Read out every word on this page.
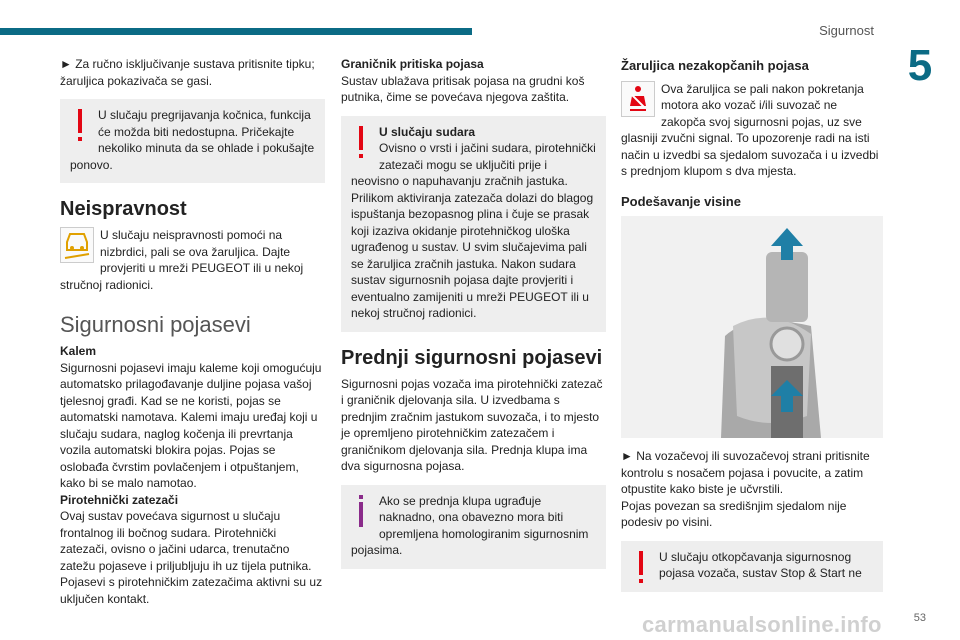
Sigurnost
5

► Za ručno isključivanje sustava pritisnite tipku; žaruljica pokazivača se gasi.

U slučaju pregrijavanja kočnica, funkcija će možda biti nedostupna. Pričekajte nekoliko minuta da se ohlade i pokušajte ponovo.

Neispravnost

U slučaju neispravnosti pomoći na nizbrdici, pali se ova žaruljica. Dajte provjeriti u mreži PEUGEOT ili u nekoj stručnoj radionici.

Sigurnosni pojasevi

Kalem

Sigurnosni pojasevi imaju kaleme koji omogućuju automatsko prilagođavanje duljine pojasa vašoj tjelesnoj građi. Kad se ne koristi, pojas se automatski namotava. Kalemi imaju uređaj koji u slučaju sudara, naglog kočenja ili prevrtanja vozila automatski blokira pojas. Pojas se oslobađa čvrstim povlačenjem i otpuštanjem, kako bi se malo namotao.

Pirotehnički zatezači

Ovaj sustav povećava sigurnost u slučaju frontalnog ili bočnog sudara. Pirotehnički zatezači, ovisno o jačini udarca, trenutačno zatežu pojaseve i priljubljuju ih uz tijela putnika. Pojasevi s pirotehničkim zatezačima aktivni su uz uključen kontakt.

Graničnik pritiska pojasa

Sustav ublažava pritisak pojasa na grudni koš putnika, čime se povećava njegova zaštita.

U slučaju sudara

Ovisno o vrsti i jačini sudara, pirotehnički zatezači mogu se uključiti prije i neovisno o napuhavanju zračnih jastuka. Prilikom aktiviranja zatezača dolazi do blagog ispuštanja bezopasnog plina i čuje se prasak koji izaziva okidanje pirotehničkog uloška ugrađenog u sustav. U svim slučajevima pali se žaruljica zračnih jastuka. Nakon sudara sustav sigurnosnih pojasa dajte provjeriti i eventualno zamijeniti u mreži PEUGEOT ili u nekoj stručnoj radionici.

Prednji sigurnosni pojasevi

Sigurnosni pojas vozača ima pirotehnički zatezač i graničnik djelovanja sila. U izvedbama s prednjim zračnim jastukom suvozača, i to mjesto je opremljeno pirotehničkim zatezačem i graničnikom djelovanja sila. Prednja klupa ima dva sigurnosna pojasa.

Ako se prednja klupa ugrađuje naknadno, ona obavezno mora biti opremljena homologiranim sigurnosnim pojasima.

Žaruljica nezakopčanih pojasa

Ova žaruljica se pali nakon pokretanja motora ako vozač i/ili suvozač ne zakopča svoj sigurnosni pojas, uz sve glasniji zvučni signal. To upozorenje radi na isti način u izvedbi sa sjedalom suvozača i u izvedbi s prednjom klupom s dva mjesta.

Podešavanje visine

► Na vozačevoj ili suvozačevoj strani pritisnite kontrolu s nosačem pojasa i povucite, a zatim otpustite kako biste je učvrstili.

Pojas povezan sa središnjim sjedalom nije podesiv po visini.

U slučaju otkopčavanja sigurnosnog pojasa vozača, sustav Stop & Start ne

carmanualsonline.info	53
